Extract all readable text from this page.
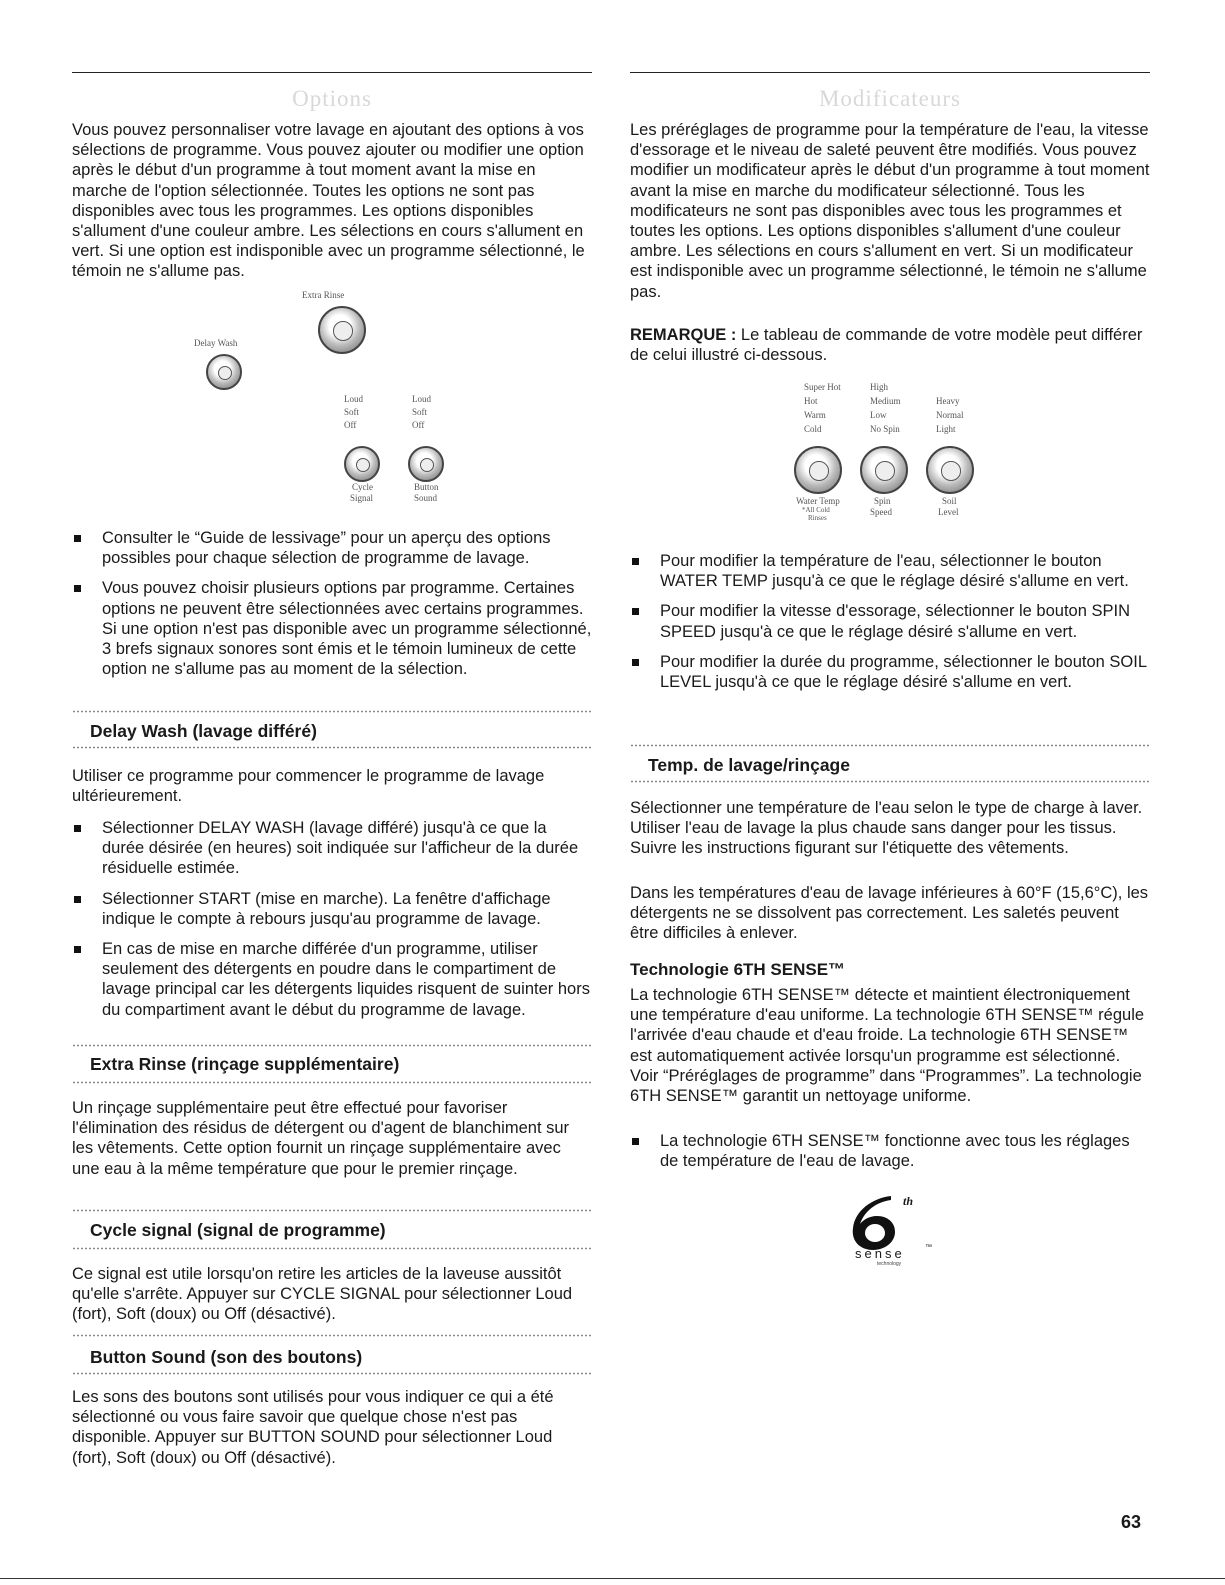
Options

Vous pouvez personnaliser votre lavage en ajoutant des options à vos sélections de programme. Vous pouvez ajouter ou modifier une option après le début d'un programme à tout moment avant la mise en marche de l'option sélectionnée. Toutes les options ne sont pas disponibles avec tous les programmes. Les options disponibles s'allument d'une couleur ambre. Les sélections en cours s'allument en vert. Si une option est indisponible avec un programme sélectionné, le témoin ne s'allume pas.

Extra Rinse
Delay Wash
Loud
Soft
Off
Loud
Soft
Off
Cycle
Signal
Button
Sound
Consulter le “Guide de lessivage” pour un aperçu des options possibles pour chaque sélection de programme de lavage.
Vous pouvez choisir plusieurs options par programme. Certaines options ne peuvent être sélectionnées avec certains programmes. Si une option n'est pas disponible avec un programme sélectionné, 3 brefs signaux sonores sont émis et le témoin lumineux de cette option ne s'allume pas au moment de la sélection.
Delay Wash (lavage différé)

Utiliser ce programme pour commencer le programme de lavage ultérieurement.

Sélectionner DELAY WASH (lavage différé) jusqu'à ce que la durée désirée (en heures) soit indiquée sur l'afficheur de la durée résiduelle estimée.
Sélectionner START (mise en marche). La fenêtre d'affichage indique le compte à rebours jusqu'au programme de lavage.
En cas de mise en marche différée d'un programme, utiliser seulement des détergents en poudre dans le compartiment de lavage principal car les détergents liquides risquent de suinter hors du compartiment avant le début du programme de lavage.
Extra Rinse (rinçage supplémentaire)

Un rinçage supplémentaire peut être effectué pour favoriser l'élimination des résidus de détergent ou d'agent de blanchiment sur les vêtements. Cette option fournit un rinçage supplémentaire avec une eau à la même température que pour le premier rinçage.

Cycle signal (signal de programme)

Ce signal est utile lorsqu'on retire les articles de la laveuse aussitôt qu'elle s'arrête. Appuyer sur CYCLE SIGNAL pour sélectionner Loud (fort), Soft (doux) ou Off (désactivé).

Button Sound (son des boutons)

Les sons des boutons sont utilisés pour vous indiquer ce qui a été sélectionné ou vous faire savoir que quelque chose n'est pas disponible. Appuyer sur BUTTON SOUND pour sélectionner Loud (fort), Soft (doux) ou Off (désactivé).

Modificateurs

Les préréglages de programme pour la température de l'eau, la vitesse d'essorage et le niveau de saleté peuvent être modifiés. Vous pouvez modifier un modificateur après le début d'un programme à tout moment avant la mise en marche du modificateur sélectionné. Tous les modificateurs ne sont pas disponibles avec tous les programmes et toutes les options. Les options disponibles s'allument d'une couleur ambre. Les sélections en cours s'allument en vert. Si un modificateur est indisponible avec un programme sélectionné, le témoin ne s'allume pas.

REMARQUE : Le tableau de commande de votre modèle peut différer de celui illustré ci-dessous.

Super Hot
Hot
Warm
Cold
High
Medium
Low
No Spin
Heavy
Normal
Light
Water Temp
*All Cold
Rinses
Spin
Speed
Soil
Level
Pour modifier la température de l'eau, sélectionner le bouton WATER TEMP jusqu'à ce que le réglage désiré s'allume en vert.
Pour modifier la vitesse d'essorage, sélectionner le bouton SPIN SPEED jusqu'à ce que le réglage désiré s'allume en vert.
Pour modifier la durée du programme, sélectionner le bouton SOIL LEVEL jusqu'à ce que le réglage désiré s'allume en vert.
Temp. de lavage/rinçage

Sélectionner une température de l'eau selon le type de charge à laver. Utiliser l'eau de lavage la plus chaude sans danger pour les tissus. Suivre les instructions figurant sur l'étiquette des vêtements.

Dans les températures d'eau de lavage inférieures à 60°F (15,6°C), les détergents ne se dissolvent pas correctement. Les saletés peuvent être difficiles à enlever.

Technologie 6TH SENSE™

La technologie 6TH SENSE™ détecte et maintient électroniquement une température d'eau uniforme. La technologie 6TH SENSE™ régule l'arrivée d'eau chaude et d'eau froide. La technologie 6TH SENSE™ est automatiquement activée lorsqu'un programme est sélectionné. Voir “Préréglages de programme” dans “Programmes”. La technologie 6TH SENSE™ garantit un nettoyage uniforme.

La technologie 6TH SENSE™ fonctionne avec tous les réglages de température de l'eau de lavage.
th
sense	™
technology
63
